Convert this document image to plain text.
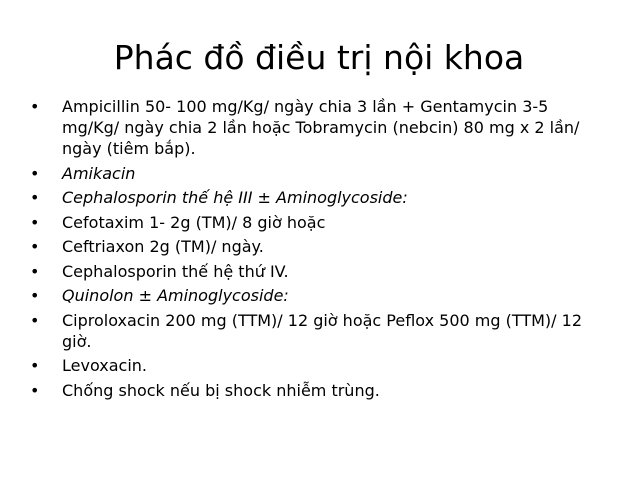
Phác đồ điều trị nội khoa
•	Ampicillin 50- 100 mg/Kg/ ngày chia 3 lần + Gentamycin 3-5 mg/Kg/ ngày chia 2 lần hoặc Tobramycin (nebcin) 80 mg x 2 lần/ ngày (tiêm bắp).
•	Amikacin
•	Cephalosporin thế hệ III ± Aminoglycoside:
•	Cefotaxim 1- 2g (TM)/ 8 giờ hoặc
•	Ceftriaxon 2g (TM)/ ngày.
•	Cephalosporin thế hệ thứ IV.
•	Quinolon ± Aminoglycoside:
•	Ciproloxacin 200 mg (TTM)/ 12 giờ hoặc Peflox 500 mg (TTM)/ 12 giờ.
•	Levoxacin.
•	Chống shock nếu bị shock nhiễm trùng.
